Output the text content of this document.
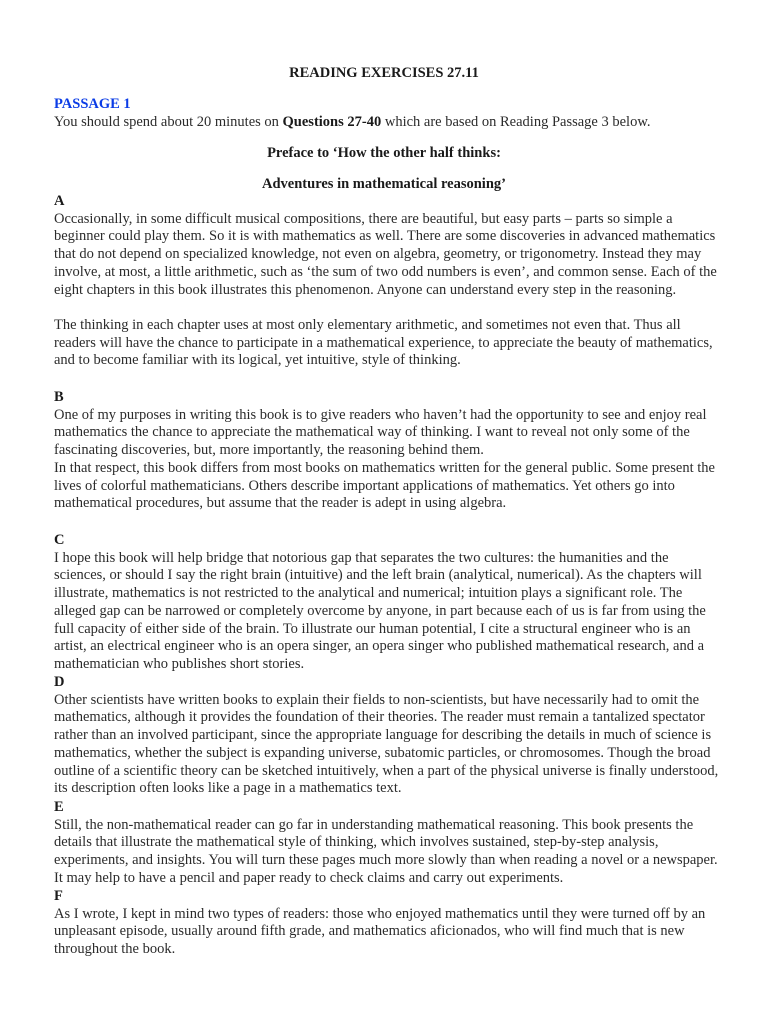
READING EXERCISES 27.11
PASSAGE 1
You should spend about 20 minutes on Questions 27-40 which are based on Reading Passage 3 below.
Preface to ‘How the other half thinks:
Adventures in mathematical reasoning’
A

Occasionally, in some difficult musical compositions, there are beautiful, but easy parts – parts so simple a beginner could play them. So it is with mathematics as well. There are some discoveries in advanced mathematics that do not depend on specialized knowledge, not even on algebra, geometry, or trigonometry. Instead they may involve, at most, a little arithmetic, such as ‘the sum of two odd numbers is even’, and common sense. Each of the eight chapters in this book illustrates this phenomenon. Anyone can understand every step in the reasoning.

The thinking in each chapter uses at most only elementary arithmetic, and sometimes not even that. Thus all readers will have the chance to participate in a mathematical experience, to appreciate the beauty of mathematics, and to become familiar with its logical, yet intuitive, style of thinking.

B

One of my purposes in writing this book is to give readers who haven’t had the opportunity to see and enjoy real mathematics the chance to appreciate the mathematical way of thinking. I want to reveal not only some of the fascinating discoveries, but, more importantly, the reasoning behind them.

In that respect, this book differs from most books on mathematics written for the general public. Some present the lives of colorful mathematicians. Others describe important applications of mathematics. Yet others go into mathematical procedures, but assume that the reader is adept in using algebra.

C

I hope this book will help bridge that notorious gap that separates the two cultures: the humanities and the sciences, or should I say the right brain (intuitive) and the left brain (analytical, numerical). As the chapters will illustrate, mathematics is not restricted to the analytical and numerical; intuition plays a significant role. The alleged gap can be narrowed or completely overcome by anyone, in part because each of us is far from using the full capacity of either side of the brain. To illustrate our human potential, I cite a structural engineer who is an artist, an electrical engineer who is an opera singer, an opera singer who published mathematical research, and a mathematician who publishes short stories.

D

Other scientists have written books to explain their fields to non-scientists, but have necessarily had to omit the mathematics, although it provides the foundation of their theories. The reader must remain a tantalized spectator rather than an involved participant, since the appropriate language for describing the details in much of science is mathematics, whether the subject is expanding universe, subatomic particles, or chromosomes. Though the broad outline of a scientific theory can be sketched intuitively, when a part of the physical universe is finally understood, its description often looks like a page in a mathematics text.

E

Still, the non-mathematical reader can go far in understanding mathematical reasoning. This book presents the details that illustrate the mathematical style of thinking, which involves sustained, step-by-step analysis, experiments, and insights. You will turn these pages much more slowly than when reading a novel or a newspaper. It may help to have a pencil and paper ready to check claims and carry out experiments.

F

As I wrote, I kept in mind two types of readers: those who enjoyed mathematics until they were turned off by an unpleasant episode, usually around fifth grade, and mathematics aficionados, who will find much that is new throughout the book.
